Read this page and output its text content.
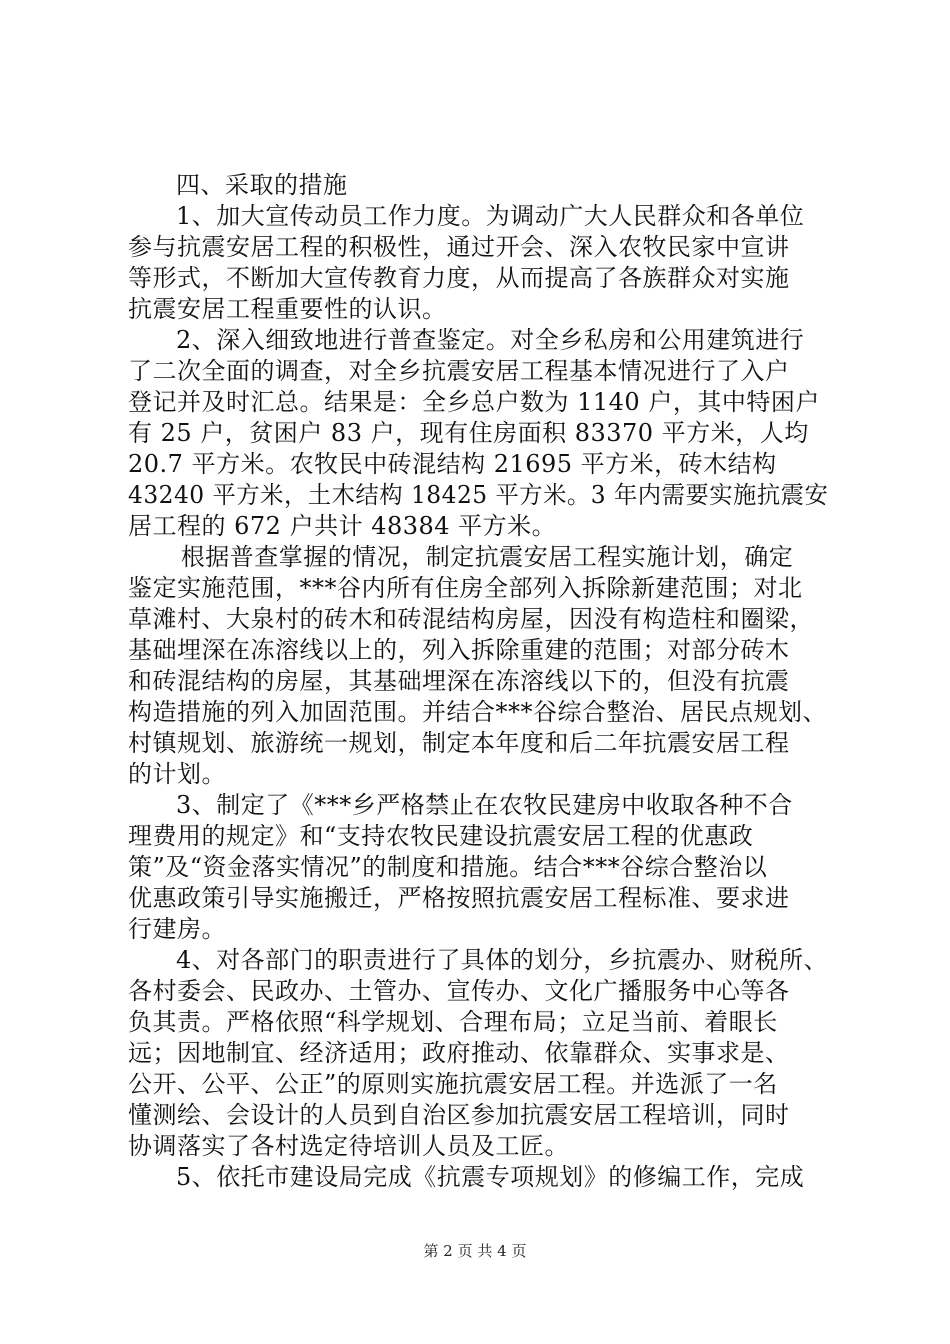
四、采取的措施
1、加大宣传动员工作力度。为调动广大人民群众和各单位
参与抗震安居工程的积极性，通过开会、深入农牧民家中宣讲
等形式，不断加大宣传教育力度，从而提高了各族群众对实施
抗震安居工程重要性的认识。
2、深入细致地进行普查鉴定。对全乡私房和公用建筑进行
了二次全面的调查，对全乡抗震安居工程基本情况进行了入户
登记并及时汇总。结果是：全乡总户数为 1140 户，其中特困户
有 25 户，贫困户 83 户，现有住房面积 83370 平方米，人均
20.7 平方米。农牧民中砖混结构 21695 平方米，砖木结构
43240 平方米，土木结构 18425 平方米。3 年内需要实施抗震安
居工程的 672 户共计 48384 平方米。
根据普查掌握的情况，制定抗震安居工程实施计划，确定
鉴定实施范围，***谷内所有住房全部列入拆除新建范围；对北
草滩村、大泉村的砖木和砖混结构房屋，因没有构造柱和圈梁，
基础埋深在冻溶线以上的，列入拆除重建的范围；对部分砖木
和砖混结构的房屋，其基础埋深在冻溶线以下的，但没有抗震
构造措施的列入加固范围。并结合***谷综合整治、居民点规划、
村镇规划、旅游统一规划，制定本年度和后二年抗震安居工程
的计划。
3、制定了《***乡严格禁止在农牧民建房中收取各种不合
理费用的规定》和“支持农牧民建设抗震安居工程的优惠政
策”及“资金落实情况”的制度和措施。结合***谷综合整治以
优惠政策引导实施搬迁，严格按照抗震安居工程标准、要求进
行建房。
4、对各部门的职责进行了具体的划分，乡抗震办、财税所、
各村委会、民政办、土管办、宣传办、文化广播服务中心等各
负其责。严格依照“科学规划、合理布局；立足当前、着眼长
远；因地制宜、经济适用；政府推动、依靠群众、实事求是、
公开、公平、公正”的原则实施抗震安居工程。并选派了一名
懂测绘、会设计的人员到自治区参加抗震安居工程培训，同时
协调落实了各村选定待培训人员及工匠。
5、依托市建设局完成《抗震专项规划》的修编工作，完成
第 2 页 共 4 页
